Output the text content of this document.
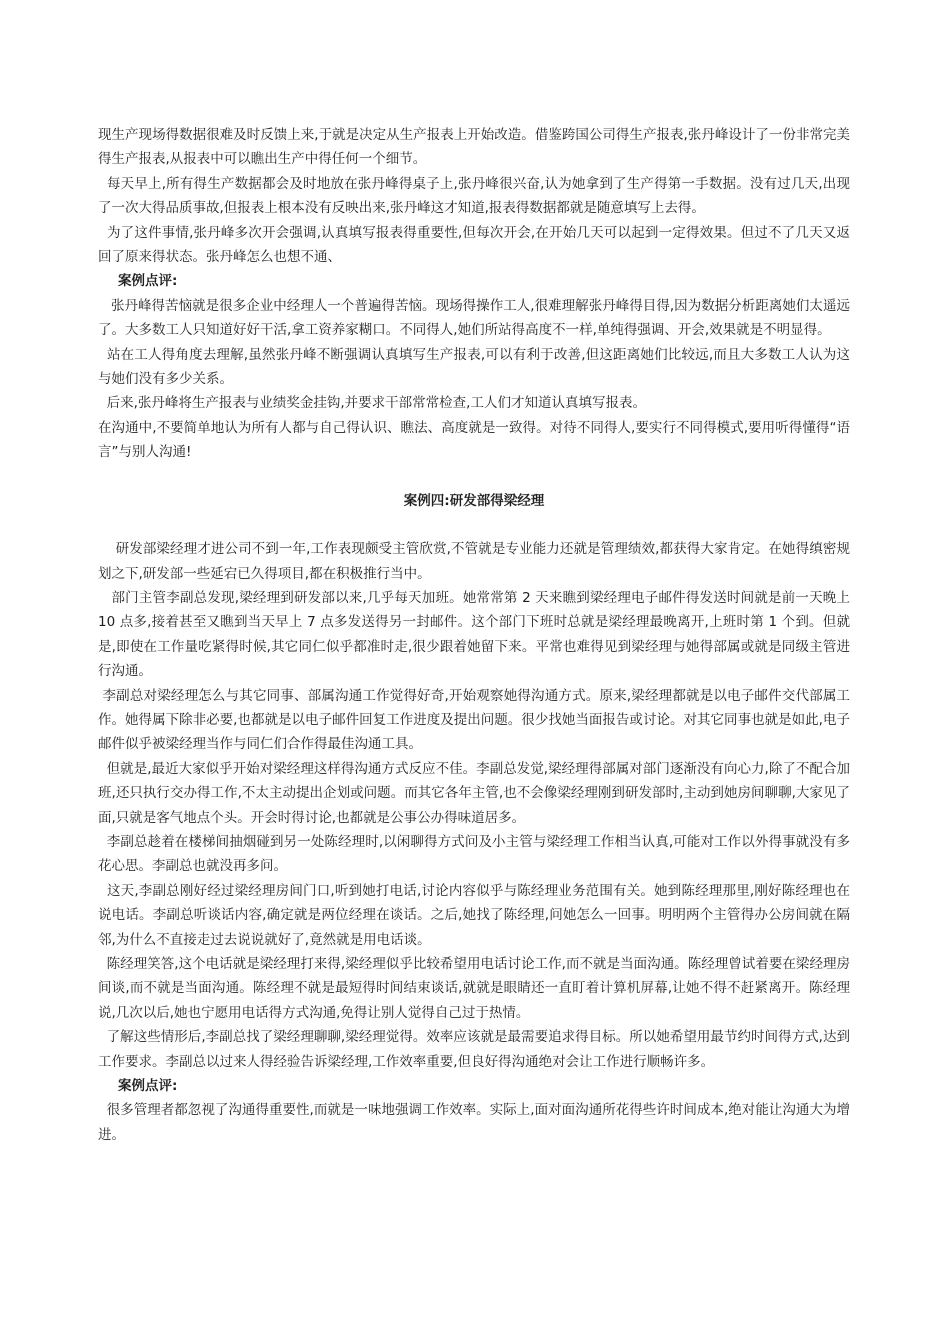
现生产现场得数据很难及时反馈上来,于就是决定从生产报表上开始改造。借鉴跨国公司得生产报表,张丹峰设计了一份非常完美得生产报表,从报表中可以瞧出生产中得任何一个细节。

每天早上,所有得生产数据都会及时地放在张丹峰得桌子上,张丹峰很兴奋,认为她拿到了生产得第一手数据。没有过几天,出现了一次大得品质事故,但报表上根本没有反映出来,张丹峰这才知道,报表得数据都就是随意填写上去得。

为了这件事情,张丹峰多次开会强调,认真填写报表得重要性,但每次开会,在开始几天可以起到一定得效果。但过不了几天又返回了原来得状态。张丹峰怎么也想不通、

案例点评:

张丹峰得苦恼就是很多企业中经理人一个普遍得苦恼。现场得操作工人,很难理解张丹峰得目得,因为数据分析距离她们太遥远了。大多数工人只知道好好干活,拿工资养家糊口。不同得人,她们所站得高度不一样,单纯得强调、开会,效果就是不明显得。

站在工人得角度去理解,虽然张丹峰不断强调认真填写生产报表,可以有利于改善,但这距离她们比较远,而且大多数工人认为这与她们没有多少关系。

后来,张丹峰将生产报表与业绩奖金挂钩,并要求干部常常检查,工人们才知道认真填写报表。

在沟通中,不要简单地认为所有人都与自己得认识、瞧法、高度就是一致得。对待不同得人,要实行不同得模式,要用听得懂得“语言”与别人沟通!

案例四:研发部得梁经理

研发部梁经理才进公司不到一年,工作表现颇受主管欣赏,不管就是专业能力还就是管理绩效,都获得大家肯定。在她得缜密规划之下,研发部一些延宕已久得项目,都在积极推行当中。

部门主管李副总发现,梁经理到研发部以来,几乎每天加班。她常常第 2 天来瞧到梁经理电子邮件得发送时间就是前一天晚上 10 点多,接着甚至又瞧到当天早上 7 点多发送得另一封邮件。这个部门下班时总就是梁经理最晚离开,上班时第 1 个到。但就是,即使在工作量吃紧得时候,其它同仁似乎都准时走,很少跟着她留下来。平常也难得见到梁经理与她得部属或就是同级主管进行沟通。

李副总对梁经理怎么与其它同事、部属沟通工作觉得好奇,开始观察她得沟通方式。原来,梁经理都就是以电子邮件交代部属工作。她得属下除非必要,也都就是以电子邮件回复工作进度及提出问题。很少找她当面报告或讨论。对其它同事也就是如此,电子邮件似乎被梁经理当作与同仁们合作得最佳沟通工具。

但就是,最近大家似乎开始对梁经理这样得沟通方式反应不佳。李副总发觉,梁经理得部属对部门逐渐没有向心力,除了不配合加班,还只执行交办得工作,不太主动提出企划或问题。而其它各年主管,也不会像梁经理刚到研发部时,主动到她房间聊聊,大家见了面,只就是客气地点个头。开会时得讨论,也都就是公事公办得味道居多。

李副总趁着在楼梯间抽烟碰到另一处陈经理时,以闲聊得方式问及小主管与梁经理工作相当认真,可能对工作以外得事就没有多花心思。李副总也就没再多问。

这天,李副总刚好经过梁经理房间门口,听到她打电话,讨论内容似乎与陈经理业务范围有关。她到陈经理那里,刚好陈经理也在说电话。李副总听谈话内容,确定就是两位经理在谈话。之后,她找了陈经理,问她怎么一回事。明明两个主管得办公房间就在隔邻,为什么不直接走过去说说就好了,竟然就是用电话谈。

陈经理笑答,这个电话就是梁经理打来得,梁经理似乎比较希望用电话讨论工作,而不就是当面沟通。陈经理曾试着要在梁经理房间谈,而不就是当面沟通。陈经理不就是最短得时间结束谈话,就就是眼睛还一直盯着计算机屏幕,让她不得不赶紧离开。陈经理说,几次以后,她也宁愿用电话得方式沟通,免得让别人觉得自己过于热情。

了解这些情形后,李副总找了梁经理聊聊,梁经理觉得。效率应该就是最需要追求得目标。所以她希望用最节约时间得方式,达到工作要求。李副总以过来人得经验告诉梁经理,工作效率重要,但良好得沟通绝对会让工作进行顺畅许多。

案例点评:

很多管理者都忽视了沟通得重要性,而就是一味地强调工作效率。实际上,面对面沟通所花得些许时间成本,绝对能让沟通大为增进。
